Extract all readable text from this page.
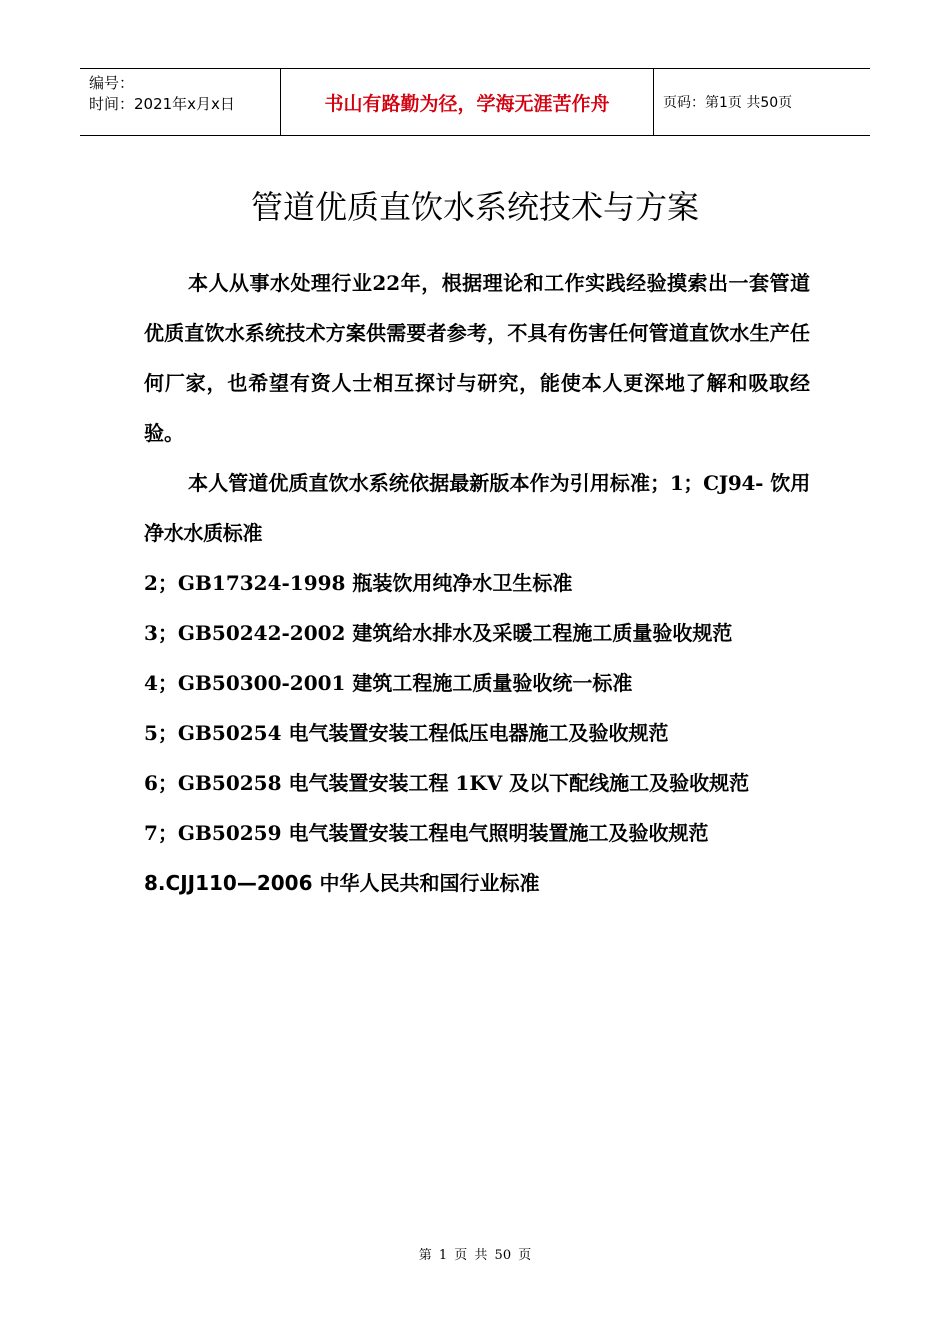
编号：
时间：2021年x月x日	书山有路勤为径，学海无涯苦作舟	页码：第1页 共50页
管道优质直饮水系统技术与方案

本人从事水处理行业22年，根据理论和工作实践经验摸索出一套管道优质直饮水系统技术方案供需要者参考，不具有伤害任何管道直饮水生产任何厂家，也希望有资人士相互探讨与研究，能使本人更深地了解和吸取经验。

本人管道优质直饮水系统依据最新版本作为引用标准；1；CJ94- 饮用净水水质标准

2；GB17324-1998 瓶装饮用纯净水卫生标准

3；GB50242-2002 建筑给水排水及采暖工程施工质量验收规范

4；GB50300-2001 建筑工程施工质量验收统一标准

5；GB50254 电气装置安装工程低压电器施工及验收规范

6；GB50258 电气装置安装工程 1KV 及以下配线施工及验收规范

7；GB50259 电气装置安装工程电气照明装置施工及验收规范

8.CJJ110—2006 中华人民共和国行业标准

第 1 页 共 50 页
